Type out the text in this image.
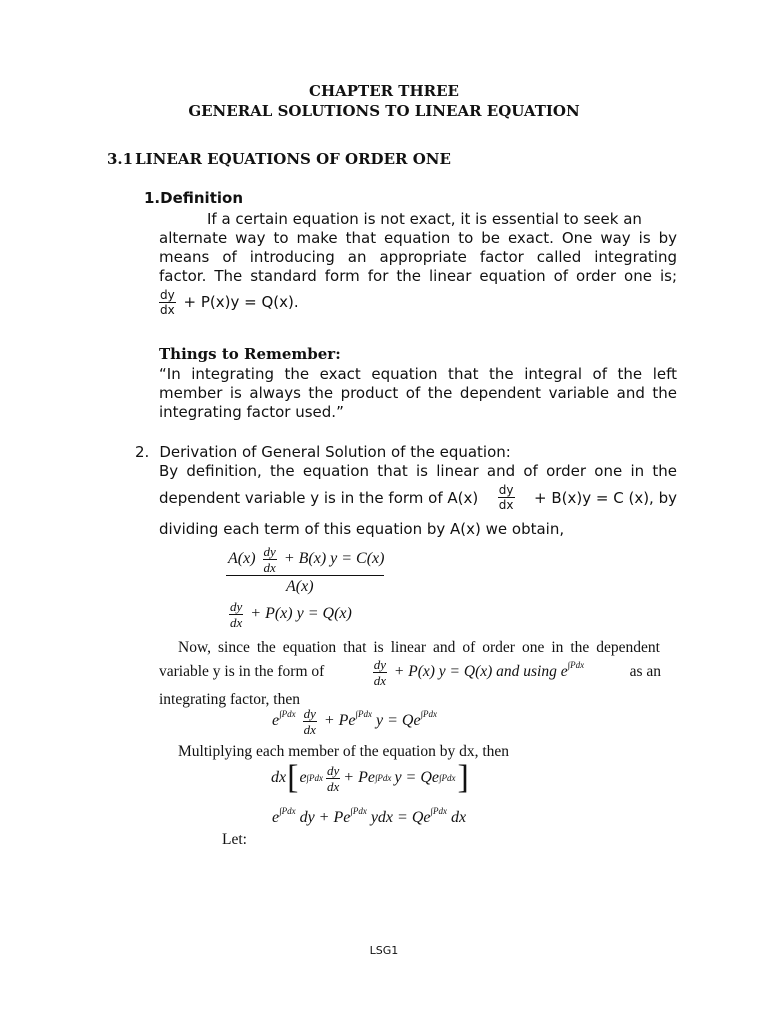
CHAPTER THREE
GENERAL SOLUTIONS TO LINEAR EQUATION
3.1 LINEAR EQUATIONS OF ORDER ONE
1.Definition
If a certain equation is not exact, it is essential to seek an
alternate way to make that equation to be exact. One way is by
means of introducing an appropriate factor called integrating
factor. The standard form for the linear equation of order one is;
$\frac{dy}{dx} + P(x)y = Q(x)$.
Things to Remember:
“In integrating the exact equation that the integral of the left
member is always the product of the dependent variable and the
integrating factor used.”
2. Derivation of General Solution of the equation:
By definition, the equation that is linear and of order one in the
dependent variable y is in the form of $A(x) \frac{dy}{dx} + B(x)y = C$ (x), by
dividing each term of this equation by A(x) we obtain,
$A(x) \frac{dy}{dx} + B(x) y = C(x)$
A(x)
$\frac{dy}{dx} + P(x) y = Q(x)$
Now, since the equation that is linear and of order one in the dependent
variable y is in the form of	$\frac{dy}{dx} + P(x) y = Q(x)$ and using $e^{\int Pdx}$	as an
integrating factor, then
$e^{\int Pdx} \frac{dy}{dx} + Pe^{\int Pdx}$ $y = Qe^{\int Pdx}$
Multiplying each member of the equation by dx, then
dx [ e $\int Pdx \frac{dy}{dx} + Pe$ ∫Pdx y = Qe ∫Pdx ]
$e^{\int Pdx}$ dy + $Pe^{\int Pdx}$ ydx = $Qe^{\int Pdx}$ dx
Let:
LSG1
